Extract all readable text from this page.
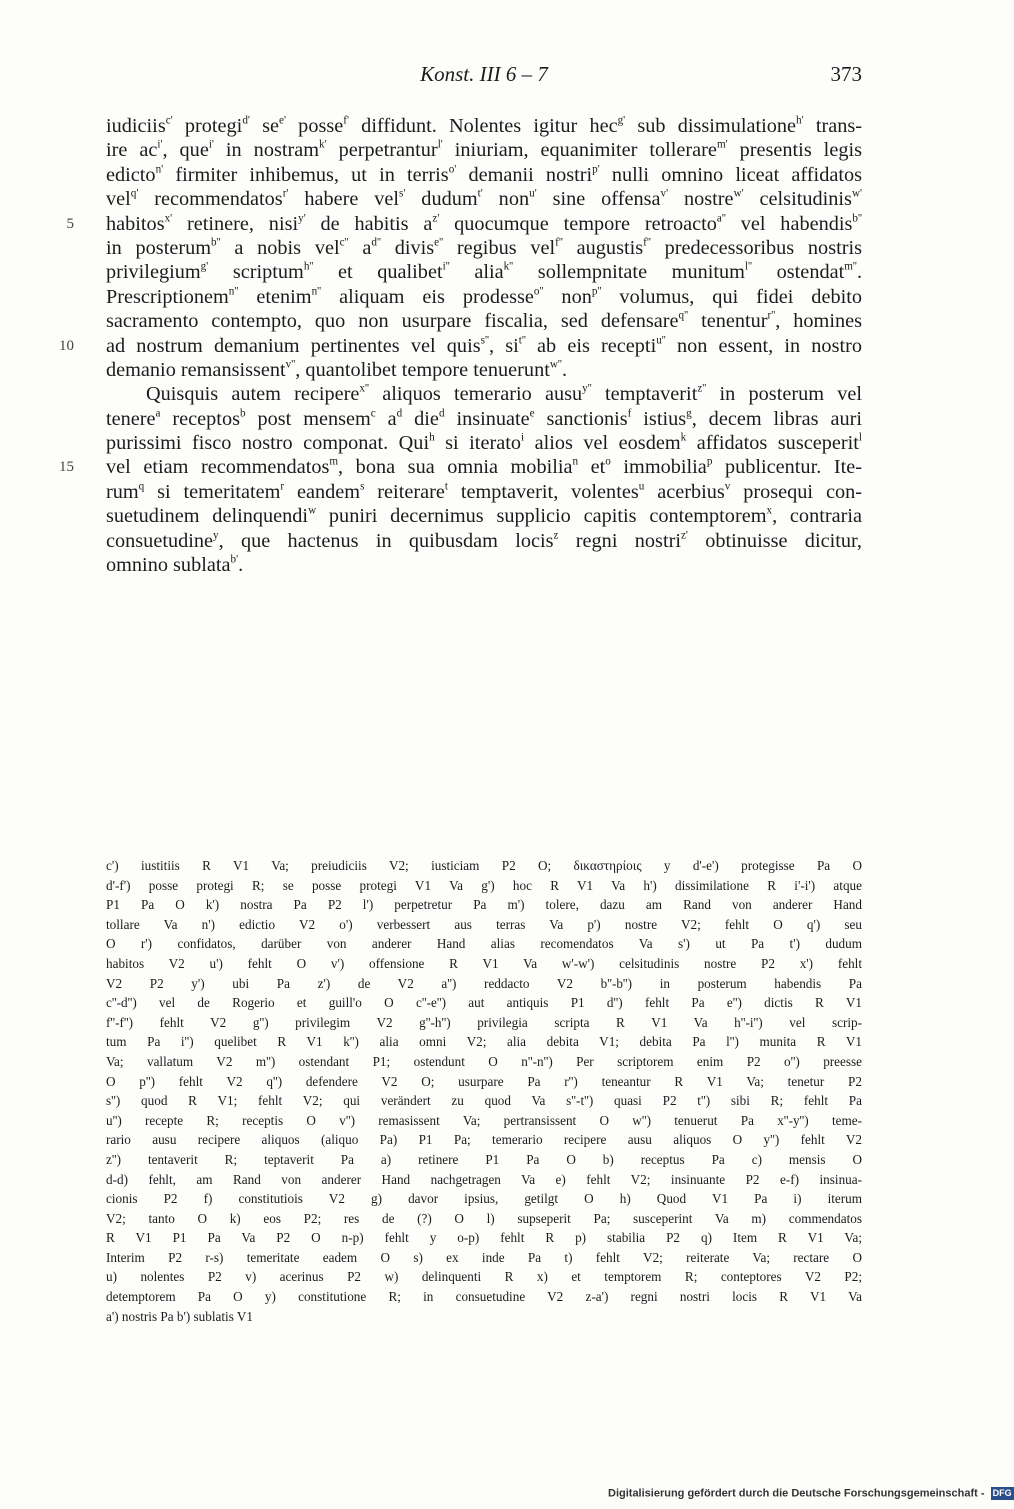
Konst. III 6 – 7	373
iudiciis$^{c'}$ protegi$^{d'}$ $se^{e'}$ posse$^{f'}$ diffidunt. Nolentes igitur hec$^{g'}$ sub dissimulatione$^{h'}$ trans-
ire $ac^{i'}$, que$^{i'}$ in nostram$^{k'}$ perpetrantur$^{l'}$ iniuriam, equanimiter tollerare$^{m'}$ presentis legis
edicto$^{n'}$ firmiter inhibemus, ut in terris$^{o'}$ demanii nostri$^{p'}$ nulli omnino liceat affidatos
vel$^{q'}$ recommendatos$^{r'}$ habere vel$^{s'}$ dudum$^{t'}$ non$^{u'}$ sine offensa$^{v'}$ nostre$^{w'}$ celsitudinis$^{w'}$
5 habitos$^{x'}$ retinere, nisi$^{y'}$ de habitis $a^{z'}$ quocumque tempore retroacto$^{a''}$ vel habendis$^{b''}$
in posterum$^{b''}$ a nobis vel$^{c''}$ $a^{d''}$ divis$^{e''}$ regibus vel$^{f''}$ augustis$^{f''}$ predecessoribus nostris
privilegium$^{g'}$ scriptum$^{h''}$ et qualibet$^{i''}$ alia$^{k''}$ sollempnitate munitum$^{l''}$ ostendat$^{m''}$.
Prescriptionem$^{n''}$ etenim$^{n''}$ aliquam eis prodesse$^{o''}$ non$^{p''}$ volumus, qui fidei debito
sacramento contempto, quo non usurpare fiscalia, sed defensare$^{q''}$ tenentur$^{r''}$, homines
10 ad nostrum demanium pertinentes vel quis$^{s''}$, $si^{t''}$ ab eis recepti$^{u''}$ non essent, in nostro
demanio remansissent$^{v''}$, quantolibet tempore tenuerunt$^{w''}$.
Quisquis autem recipere$^{x''}$ aliquos temerario ausu$^{y''}$ temptaverit$^{z''}$ in posterum vel
tenere$^a$ receptos$^b$ post mensem$^c$ $a^d$ die$^d$ insinuate$^e$ sanctionis$^f$ istius$^g$, decem libras auri
purissimi fisco nostro componat. Qui$^h$ si iterato$^i$ alios vel eosdem$^k$ affidatos susceperit$^l$
15 vel etiam recommendatos$^m$, bona sua omnia mobilia$^n$ $et^o$ immobilia$^p$ publicentur. Ite-
rum$^q$ si temeritatem$^r$ eandem$^s$ reiterare$^t$ temptaverit, volentes$^u$ acerbius$^v$ prosequi con-
suetudinem delinquendi$^w$ puniri decernimus supplicio capitis contemptorem$^x$, contraria
consuetudine$^y$, que hactenus in quibusdam locis$^z$ regni nostri$^{z'}$ obtinuisse dicitur,
omnino sublata$^{b'}$.
c') iustitiis R V1 Va; preiudiciis V2; iusticiam P2 O; δικαστηρίοις y d'-e') protegisse Pa O
d'-f') posse protegi R; se posse protegi V1 Va g') hoc R V1 Va h') dissimilatione R i'-i') atque
P1 Pa O k') nostra Pa P2 l') perpetretur Pa m') tolere, dazu am Rand von anderer Hand
tollare Va n') edictio V2 o') verbessert aus terras Va p') nostre V2; fehlt O q') seu
O r') confidatos, darüber von anderer Hand alias recomendatos Va s') ut Pa t') dudum
habitos V2 u') fehlt O v') offensione R V1 Va w'-w') celsitudinis nostre P2 x') fehlt
V2 P2 y') ubi Pa z') de V2 a'') reddacto V2 b''-b'') in posterum habendis Pa
c''-d'') vel de Rogerio et guill'o O c''-e'') aut antiquis P1 d'') fehlt Pa e'') dictis R V1
f''-f'') fehlt V2 g'') privilegim V2 g''-h'') privilegia scripta R V1 Va h''-i'') vel scrip-
tum Pa i'') quelibet R V1 k'') alia omni V2; alia debita V1; debita Pa l'') munita R V1
Va; vallatum V2 m'') ostendant P1; ostendunt O n''-n'') Per scriptorem enim P2 o'') preesse
O p'') fehlt V2 q'') defendere V2 O; usurpare Pa r'') teneantur R V1 Va; tenetur P2
s'') quod R V1; fehlt V2; qui verändert zu quod Va s''-t'') quasi P2 t'') sibi R; fehlt Pa
u'') recepte R; receptis O v'') remasissent Va; pertransissent O w'') tenuerut Pa x''-y'') teme-
rario ausu recipere aliquos (aliquo Pa) P1 Pa; temerario recipere ausu aliquos O y'') fehlt V2
z'') tentaverit R; teptaverit Pa a) retinere P1 Pa O b) receptus Pa c) mensis O
d-d) fehlt, am Rand von anderer Hand nachgetragen Va e) fehlt V2; insinuante P2 e-f) insinua-
cionis P2 f) constitutiois V2 g) davor ipsius, getilgt O h) Quod V1 Pa i) iterum
V2; tanto O k) eos P2; res de (?) O l) supseperit Pa; susceperint Va m) commendatos
R V1 P1 Pa Va P2 O n-p) fehlt y o-p) fehlt R p) stabilia P2 q) Item R V1 Va;
Interim P2 r-s) temeritate eadem O s) ex inde Pa t) fehlt V2; reiterate Va; rectare O
u) nolentes P2 v) acerinus P2 w) delinquenti R x) et temptorem R; conteptores V2 P2;
detemptorem Pa O y) constitutione R; in consuetudine V2 z-a') regni nostri locis R V1 Va
a') nostris Pa b') sublatis V1
Digitalisierung gefördert durch die Deutsche Forschungsgemeinschaft - DFG
